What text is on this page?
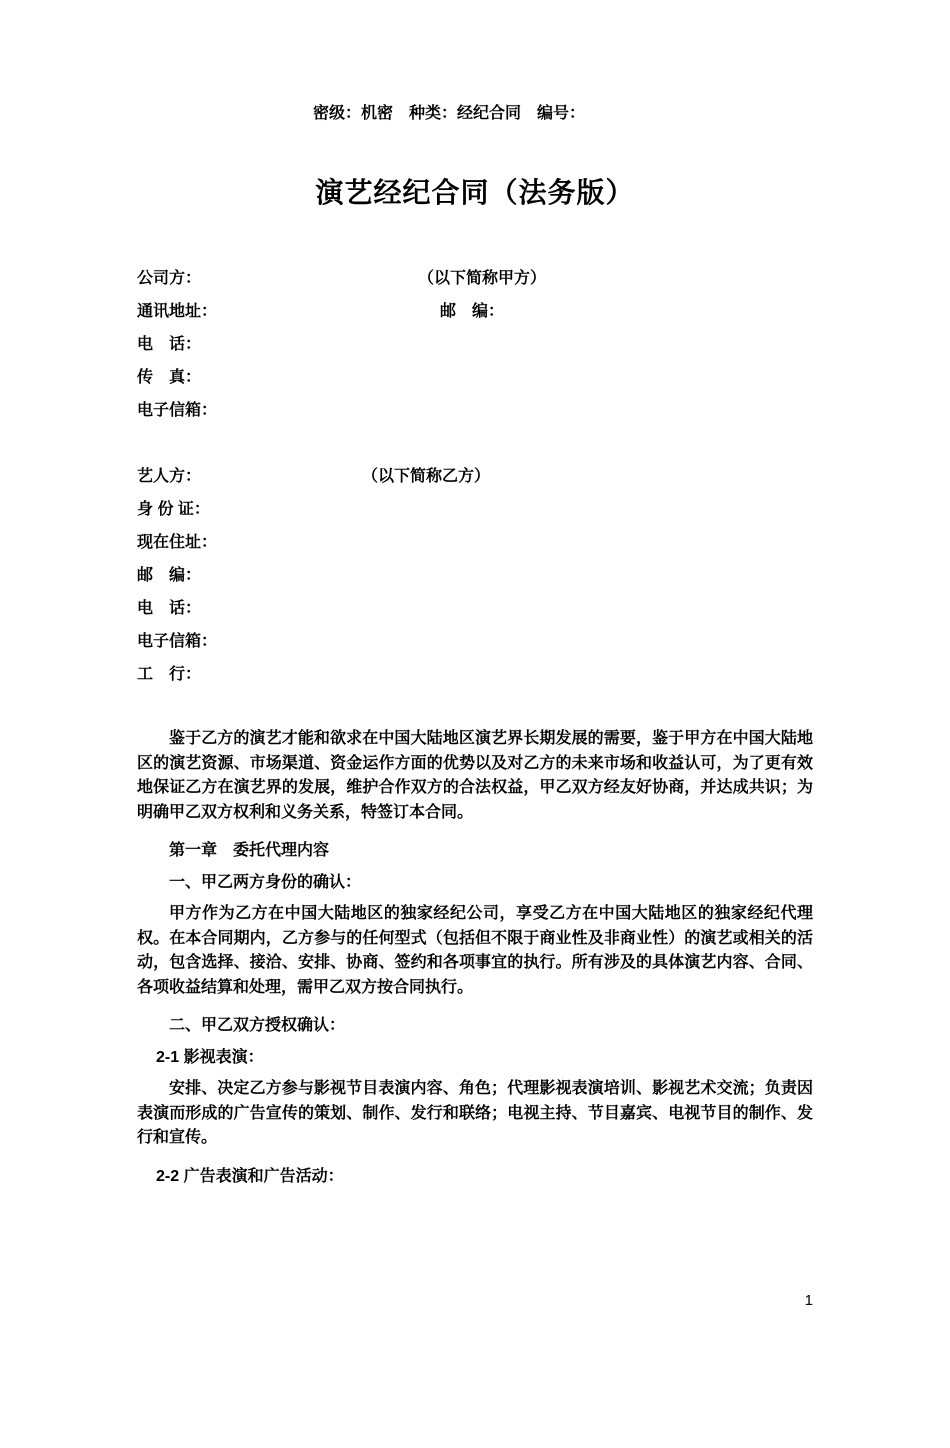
密级：机密　种类：经纪合同　编号：
演艺经纪合同（法务版）
公司方：	（以下简称甲方）
通讯地址：	邮　编：
电　话：
传　真：
电子信箱：
艺人方：	（以下简称乙方）
身 份 证：
现在住址：
邮　编：
电　话：
电子信箱：
工　行：

鉴于乙方的演艺才能和欲求在中国大陆地区演艺界长期发展的需要，鉴于甲方在中国大陆地区的演艺资源、市场渠道、资金运作方面的优势以及对乙方的未来市场和收益认可，为了更有效地保证乙方在演艺界的发展，维护合作双方的合法权益，甲乙双方经友好协商，并达成共识；为明确甲乙双方权利和义务关系，特签订本合同。

第一章　委托代理内容

一、甲乙两方身份的确认：

甲方作为乙方在中国大陆地区的独家经纪公司，享受乙方在中国大陆地区的独家经纪代理权。在本合同期内，乙方参与的任何型式（包括但不限于商业性及非商业性）的演艺或相关的活动，包含选择、接洽、安排、协商、签约和各项事宜的执行。所有涉及的具体演艺内容、合同、各项收益结算和处理，需甲乙双方按合同执行。

二、甲乙双方授权确认：

2-1 影视表演：

安排、决定乙方参与影视节目表演内容、角色；代理影视表演培训、影视艺术交流；负责因表演而形成的广告宣传的策划、制作、发行和联络；电视主持、节目嘉宾、电视节目的制作、发行和宣传。

2-2 广告表演和广告活动：

1
